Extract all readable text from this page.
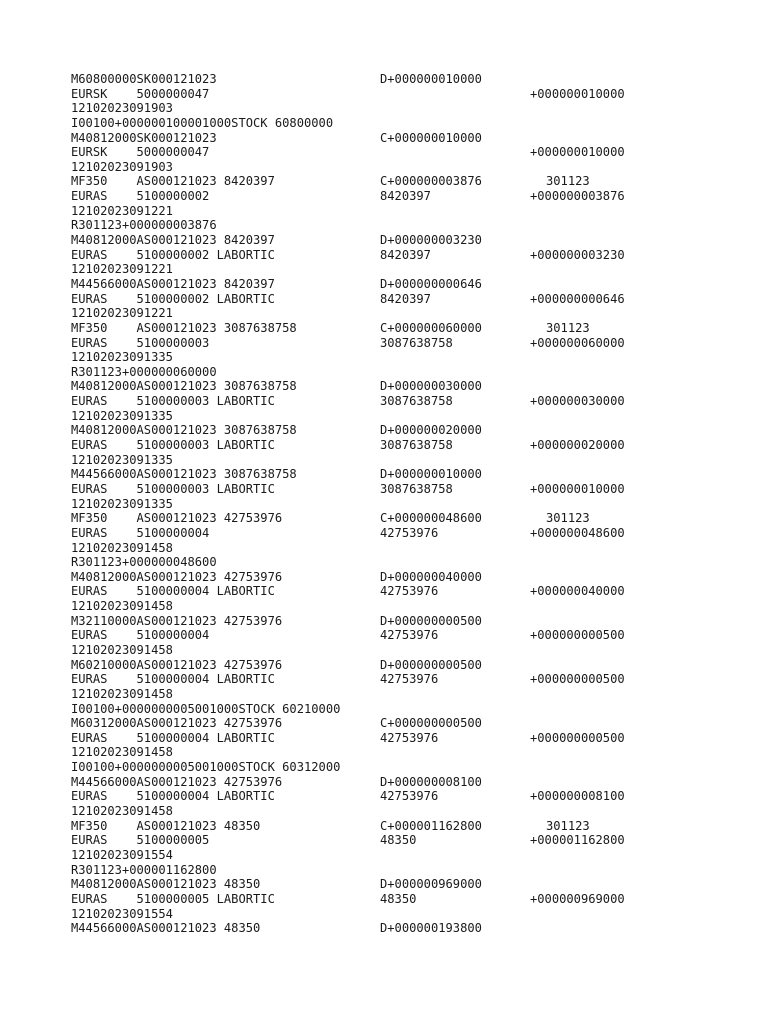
M60800000SK000121023	D+000000010000
EURSK    5000000047	+000000010000
12102023091903
I00100+000000100001000STOCK 60800000
M40812000SK000121023	C+000000010000
EURSK    5000000047	+000000010000
12102023091903
MF350    AS000121023 8420397	C+000000003876	301123
EURAS    5100000002	8420397	+000000003876
12102023091221
R301123+000000003876
M40812000AS000121023 8420397	D+000000003230
EURAS    5100000002 LABORTIC	8420397	+000000003230
12102023091221
M44566000AS000121023 8420397	D+000000000646
EURAS    5100000002 LABORTIC	8420397	+000000000646
12102023091221
MF350    AS000121023 3087638758	C+000000060000	301123
EURAS    5100000003	3087638758	+000000060000
12102023091335
R301123+000000060000
M40812000AS000121023 3087638758	D+000000030000
EURAS    5100000003 LABORTIC	3087638758	+000000030000
12102023091335
M40812000AS000121023 3087638758	D+000000020000
EURAS    5100000003 LABORTIC	3087638758	+000000020000
12102023091335
M44566000AS000121023 3087638758	D+000000010000
EURAS    5100000003 LABORTIC	3087638758	+000000010000
12102023091335
MF350    AS000121023 42753976	C+000000048600	301123
EURAS    5100000004	42753976	+000000048600
12102023091458
R301123+000000048600
M40812000AS000121023 42753976	D+000000040000
EURAS    5100000004 LABORTIC	42753976	+000000040000
12102023091458
M32110000AS000121023 42753976	D+000000000500
EURAS    5100000004	42753976	+000000000500
12102023091458
M60210000AS000121023 42753976	D+000000000500
EURAS    5100000004 LABORTIC	42753976	+000000000500
12102023091458
I00100+0000000005001000STOCK 60210000
M60312000AS000121023 42753976	C+000000000500
EURAS    5100000004 LABORTIC	42753976	+000000000500
12102023091458
I00100+0000000005001000STOCK 60312000
M44566000AS000121023 42753976	D+000000008100
EURAS    5100000004 LABORTIC	42753976	+000000008100
12102023091458
MF350    AS000121023 48350	C+000001162800	301123
EURAS    5100000005	48350	+000001162800
12102023091554
R301123+000001162800
M40812000AS000121023 48350	D+000000969000
EURAS    5100000005 LABORTIC	48350	+000000969000
12102023091554
M44566000AS000121023 48350	D+000000193800
